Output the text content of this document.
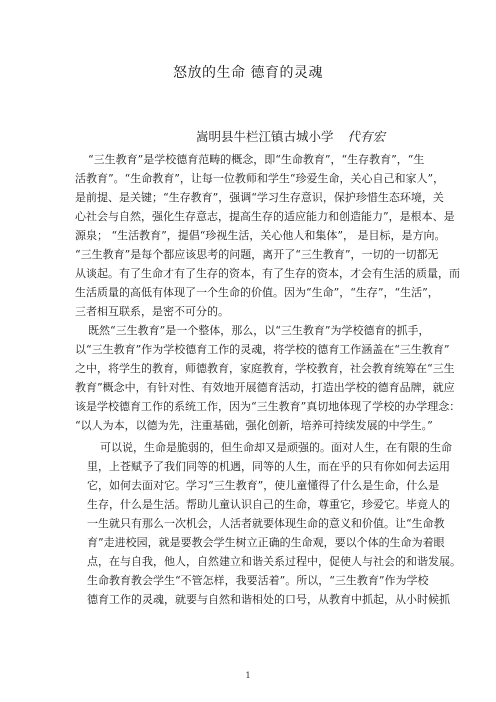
怒放的生命 德育的灵魂
嵩明县牛栏江镇古城小学 代有宏
“三生教育”是学校德育范畴的概念，即“生命教育”，“生存教育”，“生
活教育”。“生命教育”，让每一位教师和学生“珍爱生命，关心自己和家人”，
是前提、是关键；“生存教育”，强调“学习生存意识，保护珍惜生态环境，关
心社会与自然，强化生存意志，提高生存的适应能力和创造能力”，是根本、是
源泉； “生活教育”，提倡“珍视生活，关心他人和集体”， 是目标，是方向。
“三生教育”是每个都应该思考的问题，离开了“三生教育”，一切的一切都无
从谈起。有了生命才有了生存的资本，有了生存的资本，才会有生活的质量，而
生活质量的高低有体现了一个生命的价值。因为“生命”，“生存”，“生活”，
三者相互联系，是密不可分的。
既然“三生教育”是一个整体，那么，以“三生教育”为学校德育的抓手，
以“三生教育”作为学校德育工作的灵魂，将学校的德育工作涵盖在“三生教育”
之中，将学生的教育，师德教育，家庭教育，学校教育，社会教育统筹在“三生
教育”概念中，有针对性、有效地开展德育活动，打造出学校的德育品牌，就应
该是学校德育工作的系统工作，因为“三生教育”真切地体现了学校的办学理念：
“以人为本，以德为先，注重基础，强化创新，培养可持续发展的中学生。”
可以说，生命是脆弱的，但生命却又是顽强的。面对人生，在有限的生命
里，上苍赋予了我们同等的机遇，同等的人生，而在乎的只有你如何去运用
它，如何去面对它。学习“三生教育”，使儿童懂得了什么是生命，什么是
生存，什么是生活。帮助儿童认识自己的生命，尊重它，珍爱它。毕竟人的
一生就只有那么一次机会，人活者就要体现生命的意义和价值。让“生命教
育”走进校园，就是要教会学生树立正确的生命观，要以个体的生命为着眼
点，在与自我，他人，自然建立和谐关系过程中，促使人与社会的和谐发展。
生命教育教会学生“不管怎样，我要活着”。所以，“三生教育”作为学校
德育工作的灵魂，就要与自然和谐相处的口号，从教育中抓起，从小时候抓
1
